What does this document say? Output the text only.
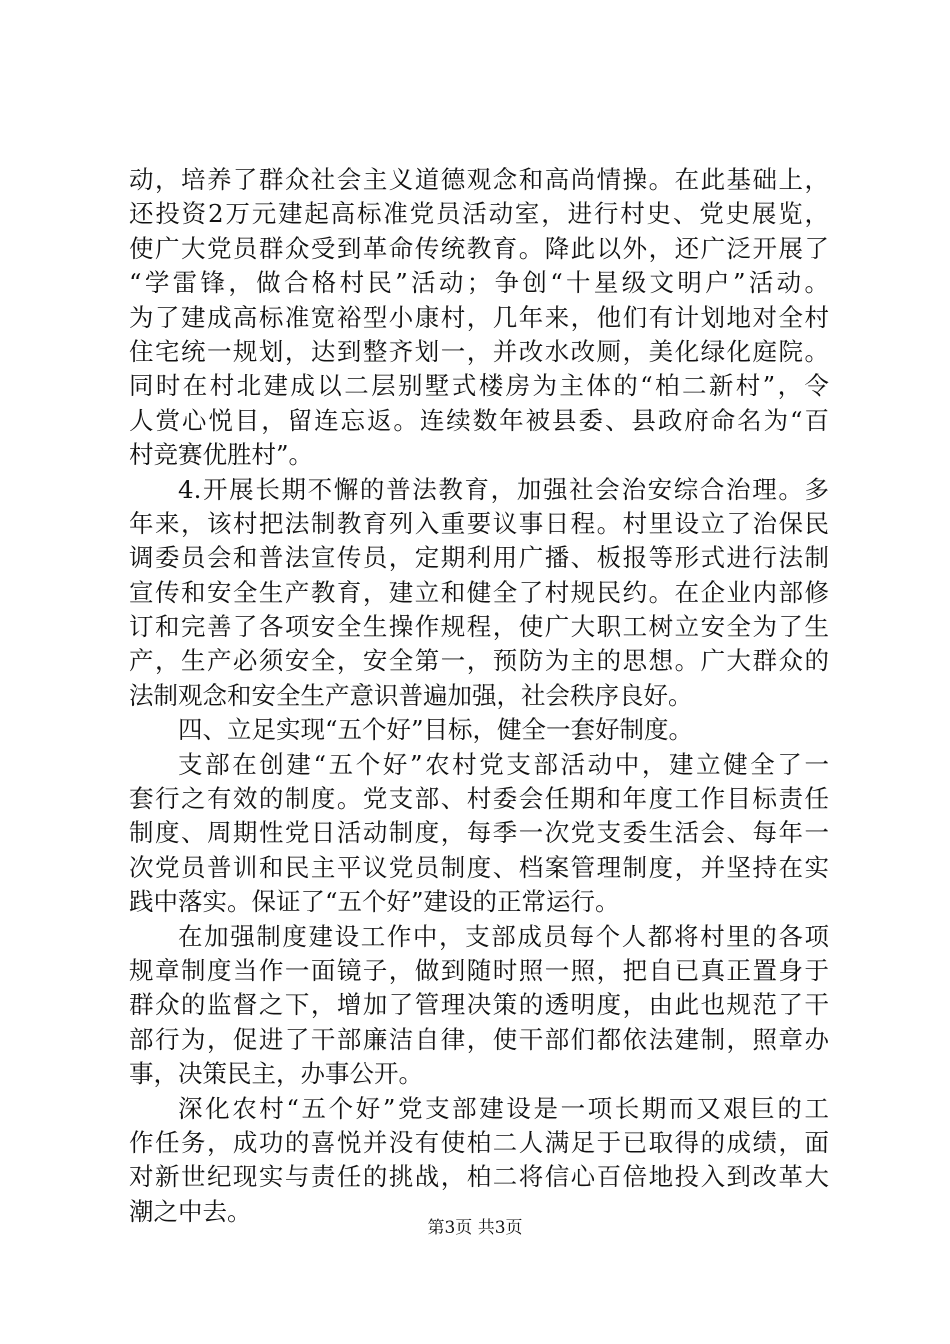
动，培养了群众社会主义道德观念和高尚情操。在此基础上，
还投资2万元建起高标准党员活动室，进行村史、党史展览，
使广大党员群众受到革命传统教育。降此以外，还广泛开展了
“学雷锋，做合格村民”活动；争创“十星级文明户”活动。
为了建成高标准宽裕型小康村，几年来，他们有计划地对全村
住宅统一规划，达到整齐划一，并改水改厕，美化绿化庭院。
同时在村北建成以二层别墅式楼房为主体的“柏二新村”，令
人赏心悦目，留连忘返。连续数年被县委、县政府命名为“百
村竞赛优胜村”。
4.开展长期不懈的普法教育，加强社会治安综合治理。多
年来，该村把法制教育列入重要议事日程。村里设立了治保民
调委员会和普法宣传员，定期利用广播、板报等形式进行法制
宣传和安全生产教育，建立和健全了村规民约。在企业内部修
订和完善了各项安全生操作规程，使广大职工树立安全为了生
产，生产必须安全，安全第一，预防为主的思想。广大群众的
法制观念和安全生产意识普遍加强，社会秩序良好。
四、立足实现“五个好”目标，健全一套好制度。
支部在创建“五个好”农村党支部活动中，建立健全了一
套行之有效的制度。党支部、村委会任期和年度工作目标责任
制度、周期性党日活动制度，每季一次党支委生活会、每年一
次党员普训和民主平议党员制度、档案管理制度，并坚持在实
践中落实。保证了“五个好”建设的正常运行。
在加强制度建设工作中，支部成员每个人都将村里的各项
规章制度当作一面镜子，做到随时照一照，把自已真正置身于
群众的监督之下，增加了管理决策的透明度，由此也规范了干
部行为，促进了干部廉洁自律，使干部们都依法建制，照章办
事，决策民主，办事公开。
深化农村“五个好”党支部建设是一项长期而又艰巨的工
作任务，成功的喜悦并没有使柏二人满足于已取得的成绩，面
对新世纪现实与责任的挑战，柏二将信心百倍地投入到改革大
潮之中去。
第3页 共3页
